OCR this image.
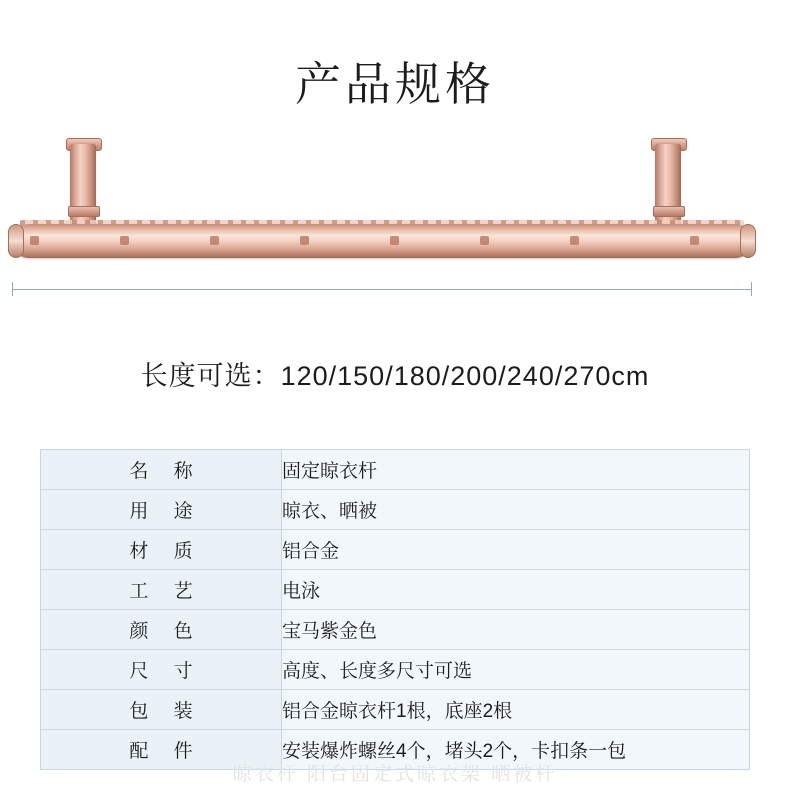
产品规格
长度可选：120/150/180/200/240/270cm
名 称	固定晾衣杆
用 途	晾衣、晒被
材 质	铝合金
工 艺	电泳
颜 色	宝马紫金色
尺 寸	高度、长度多尺寸可选
包 装	铝合金晾衣杆1根，底座2根
配 件	安装爆炸螺丝4个，堵头2个，卡扣条一包
晾衣杆 阳台固定式晾衣架 晒被杆
